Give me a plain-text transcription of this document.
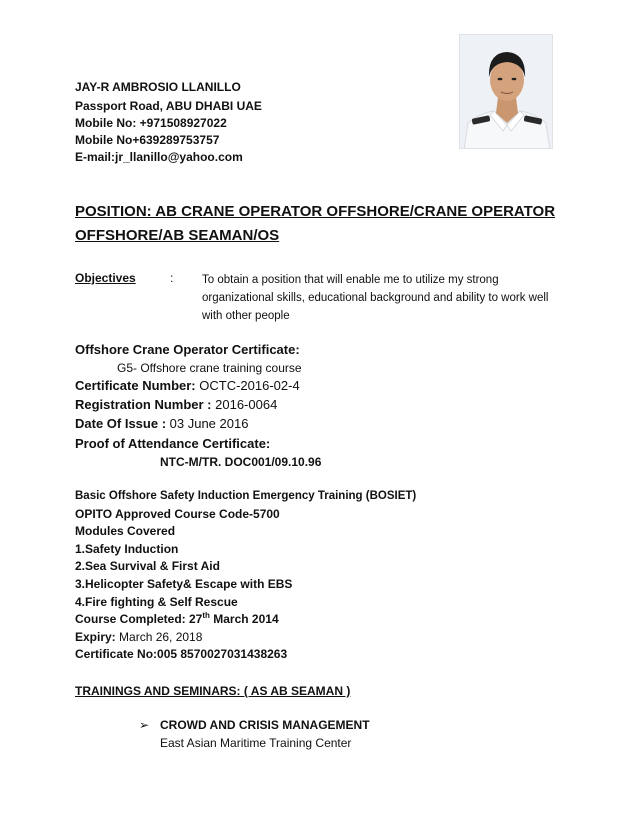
JAY-R AMBROSIO LLANILLO
Passport Road, ABU DHABI UAE
Mobile No: +971508927022
Mobile No+639289753757
E-mail:jr_llanillo@yahoo.com
POSITION: AB CRANE OPERATOR OFFSHORE/CRANE OPERATOR
OFFSHORE/AB SEAMAN/OS
Objectives	: To obtain a position that will enable me to utilize my strong
organizational skills, educational background and ability to work well
with other people
Offshore Crane Operator Certificate:
G5- Offshore crane training course
Certificate Number: OCTC-2016-02-4
Registration Number : 2016-0064
Date Of Issue : 03 June 2016
Proof of Attendance Certificate:
NTC-M/TR. DOC001/09.10.96
Basic Offshore Safety Induction Emergency Training (BOSIET)
OPITO Approved Course Code-5700
Modules Covered
1.Safety Induction
2.Sea Survival & First Aid
3.Helicopter Safety& Escape with EBS
4.Fire fighting & Self Rescue
Course Completed: 27th March 2014
Expiry: March 26, 2018
Certificate No:005 8570027031438263
TRAININGS AND SEMINARS: ( AS AB SEAMAN )
➢ CROWD AND CRISIS MANAGEMENT
East Asian Maritime Training Center
